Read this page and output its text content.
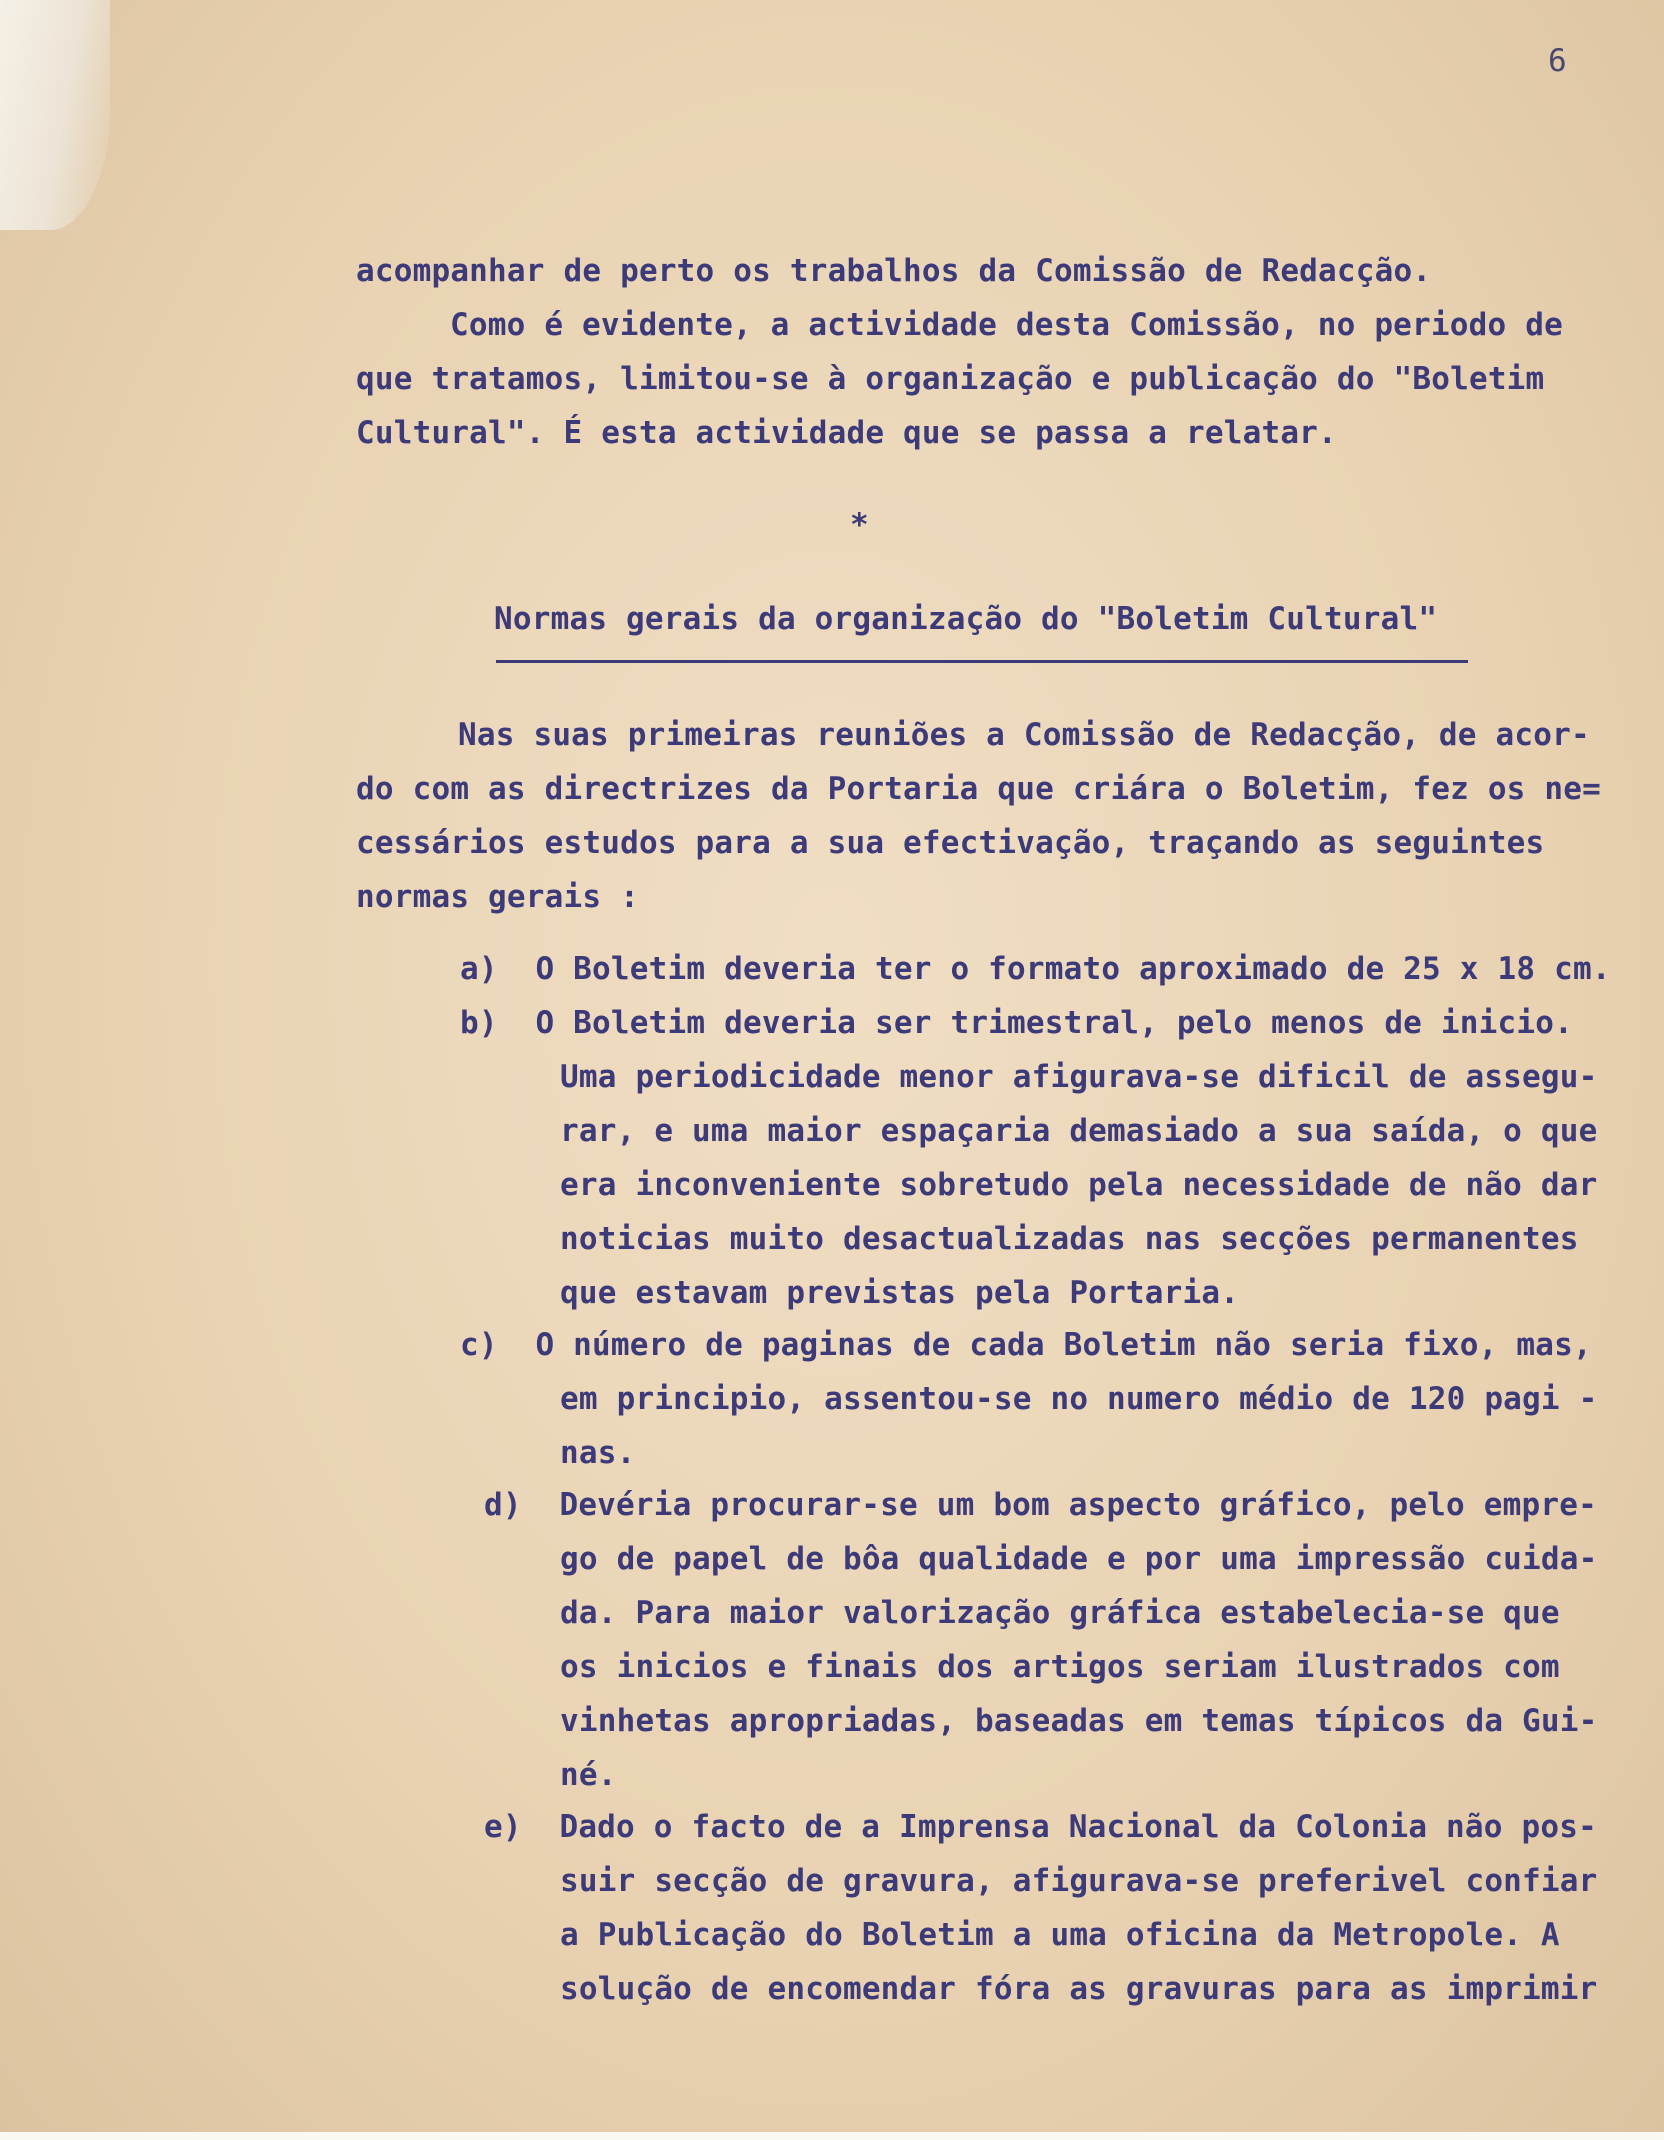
6
acompanhar de perto os trabalhos da Comissão de Redacção.
Como é evidente, a actividade desta Comissão, no periodo de
que tratamos, limitou-se à organização e publicação do "Boletim
Cultural". É esta actividade que se passa a relatar.
*
Normas gerais da organização do "Boletim Cultural"
Nas suas primeiras reuniões a Comissão de Redacção, de acor-
do com as directrizes da Portaria que criára o Boletim, fez os ne=
cessários estudos para a sua efectivação, traçando as seguintes
normas gerais :
a)  O Boletim deveria ter o formato aproximado de 25 x 18 cm.
b)  O Boletim deveria ser trimestral, pelo menos de inicio.
Uma periodicidade menor afigurava-se dificil de assegu-
rar, e uma maior espaçaria demasiado a sua saída, o que
era inconveniente sobretudo pela necessidade de não dar
noticias muito desactualizadas nas secções permanentes
que estavam previstas pela Portaria.
c)  O número de paginas de cada Boletim não seria fixo, mas,
em principio, assentou-se no numero médio de 120 pagi -
nas.
d)  Devéria procurar-se um bom aspecto gráfico, pelo empre-
go de papel de bôa qualidade e por uma impressão cuida-
da. Para maior valorização gráfica estabelecia-se que
os inicios e finais dos artigos seriam ilustrados com
vinhetas apropriadas, baseadas em temas típicos da Gui-
né.
e)  Dado o facto de a Imprensa Nacional da Colonia não pos-
suir secção de gravura, afigurava-se preferivel confiar
a Publicação do Boletim a uma oficina da Metropole. A
solução de encomendar fóra as gravuras para as imprimir
